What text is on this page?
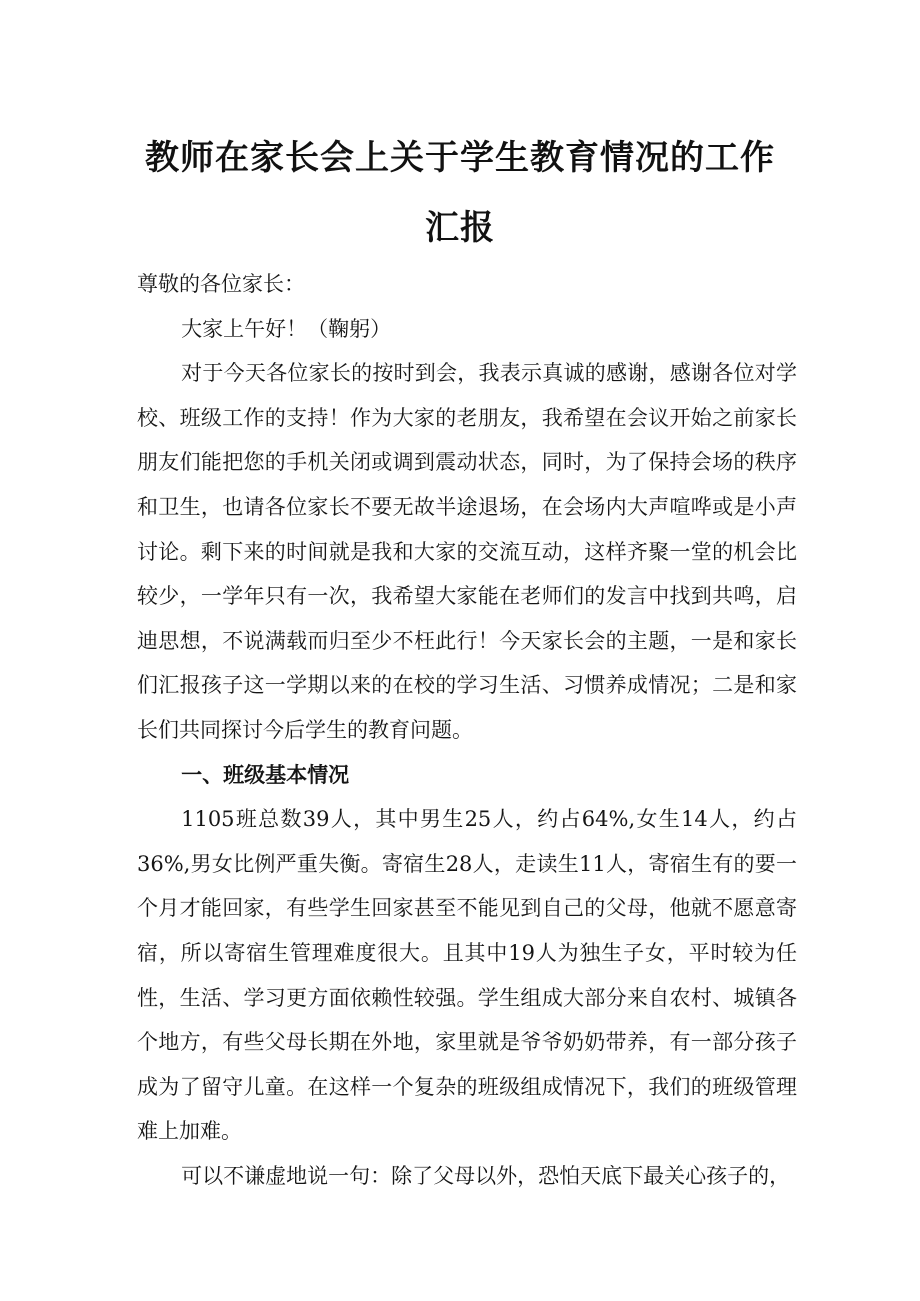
教师在家长会上关于学生教育情况的工作
汇报

尊敬的各位家长：

大家上午好！（鞠躬）

对于今天各位家长的按时到会，我表示真诚的感谢，感谢各位对学校、班级工作的支持！作为大家的老朋友，我希望在会议开始之前家长朋友们能把您的手机关闭或调到震动状态，同时，为了保持会场的秩序和卫生，也请各位家长不要无故半途退场，在会场内大声喧哗或是小声讨论。剩下来的时间就是我和大家的交流互动，这样齐聚一堂的机会比较少，一学年只有一次，我希望大家能在老师们的发言中找到共鸣，启迪思想，不说满载而归至少不枉此行！今天家长会的主题，一是和家长们汇报孩子这一学期以来的在校的学习生活、习惯养成情况；二是和家长们共同探讨今后学生的教育问题。

一、班级基本情况

1105班总数39人，其中男生25人，约占64%,女生14人，约占36%,男女比例严重失衡。寄宿生28人，走读生11人，寄宿生有的要一个月才能回家，有些学生回家甚至不能见到自己的父母，他就不愿意寄宿，所以寄宿生管理难度很大。且其中19人为独生子女，平时较为任性，生活、学习更方面依赖性较强。学生组成大部分来自农村、城镇各个地方，有些父母长期在外地，家里就是爷爷奶奶带养，有一部分孩子成为了留守儿童。在这样一个复杂的班级组成情况下，我们的班级管理难上加难。

可以不谦虚地说一句：除了父母以外，恐怕天底下最关心孩子的，
